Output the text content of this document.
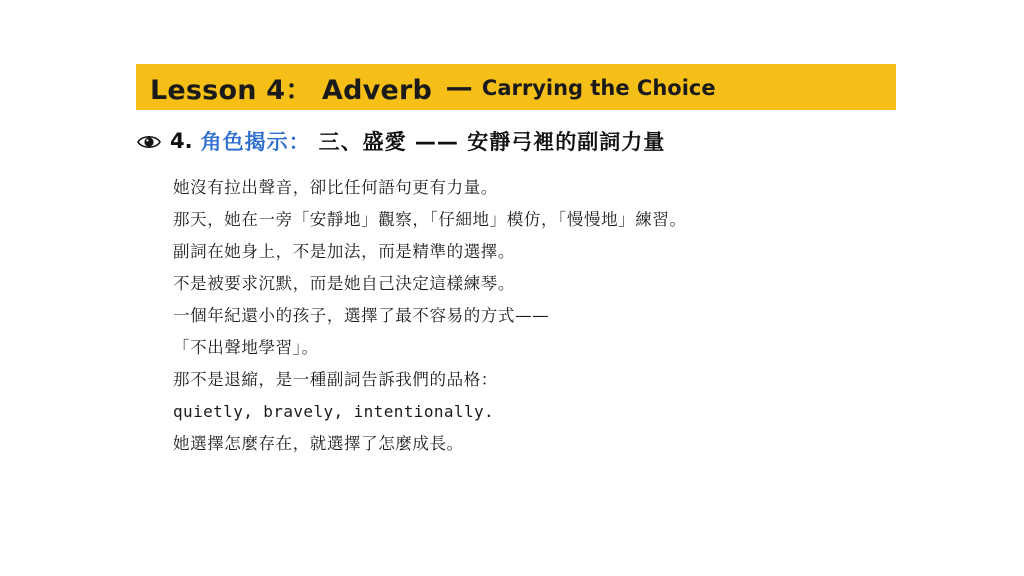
Lesson 4： Adverb — Carrying the Choice
4. 角色揭示： 三、盛愛 —— 安靜弓裡的副詞力量
她沒有拉出聲音，卻比任何語句更有力量。
那天，她在一旁「安靜地」觀察，「仔細地」模仿，「慢慢地」練習。
副詞在她身上，不是加法，而是精準的選擇。
不是被要求沉默，而是她自己決定這樣練琴。
一個年紀還小的孩子，選擇了最不容易的方式——
「不出聲地學習」。
那不是退縮，是一種副詞告訴我們的品格：
quietly, bravely, intentionally.
她選擇怎麼存在，就選擇了怎麼成長。
